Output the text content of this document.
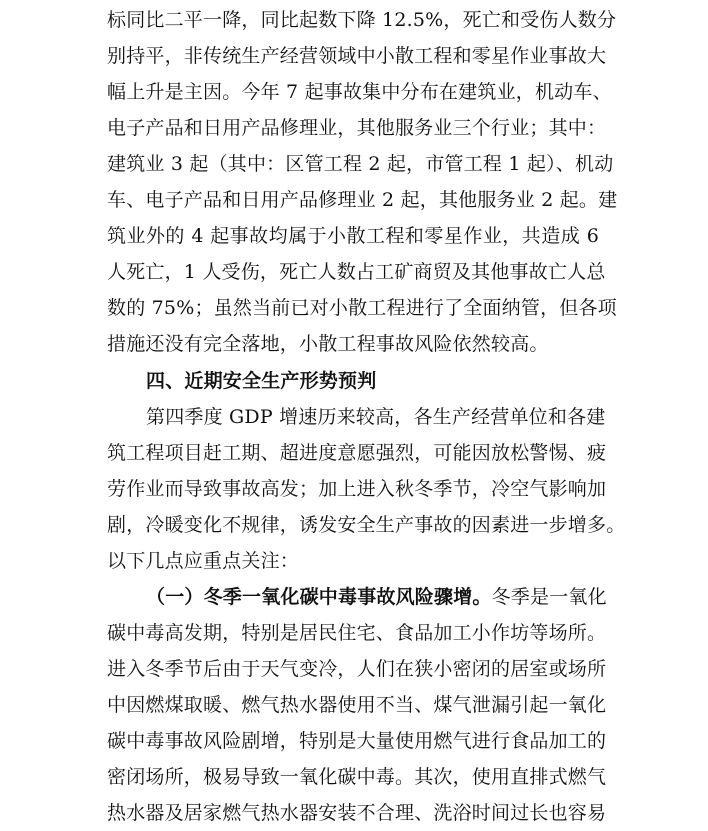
标同比二平一降，同比起数下降 12.5%，死亡和受伤人数分
别持平，非传统生产经营领域中小散工程和零星作业事故大
幅上升是主因。今年 7 起事故集中分布在建筑业，机动车、
电子产品和日用产品修理业，其他服务业三个行业；其中：
建筑业 3 起（其中：区管工程 2 起，市管工程 1 起）、机动
车、电子产品和日用产品修理业 2 起，其他服务业 2 起。建
筑业外的 4 起事故均属于小散工程和零星作业，共造成 6
人死亡，1 人受伤，死亡人数占工矿商贸及其他事故亡人总
数的 75%；虽然当前已对小散工程进行了全面纳管，但各项
措施还没有完全落地，小散工程事故风险依然较高。
四、近期安全生产形势预判
第四季度 GDP 增速历来较高，各生产经营单位和各建
筑工程项目赶工期、超进度意愿强烈，可能因放松警惕、疲
劳作业而导致事故高发；加上进入秋冬季节，冷空气影响加
剧，冷暖变化不规律，诱发安全生产事故的因素进一步增多。
以下几点应重点关注：
（一）冬季一氧化碳中毒事故风险骤增。 冬季是一氧化
碳中毒高发期，特别是居民住宅、食品加工小作坊等场所。
进入冬季节后由于天气变冷，人们在狭小密闭的居室或场所
中因燃煤取暖、燃气热水器使用不当、煤气泄漏引起一氧化
碳中毒事故风险剧增，特别是大量使用燃气进行食品加工的
密闭场所，极易导致一氧化碳中毒。其次，使用直排式燃气
热水器及居家燃气热水器安装不合理、洗浴时间过长也容易
